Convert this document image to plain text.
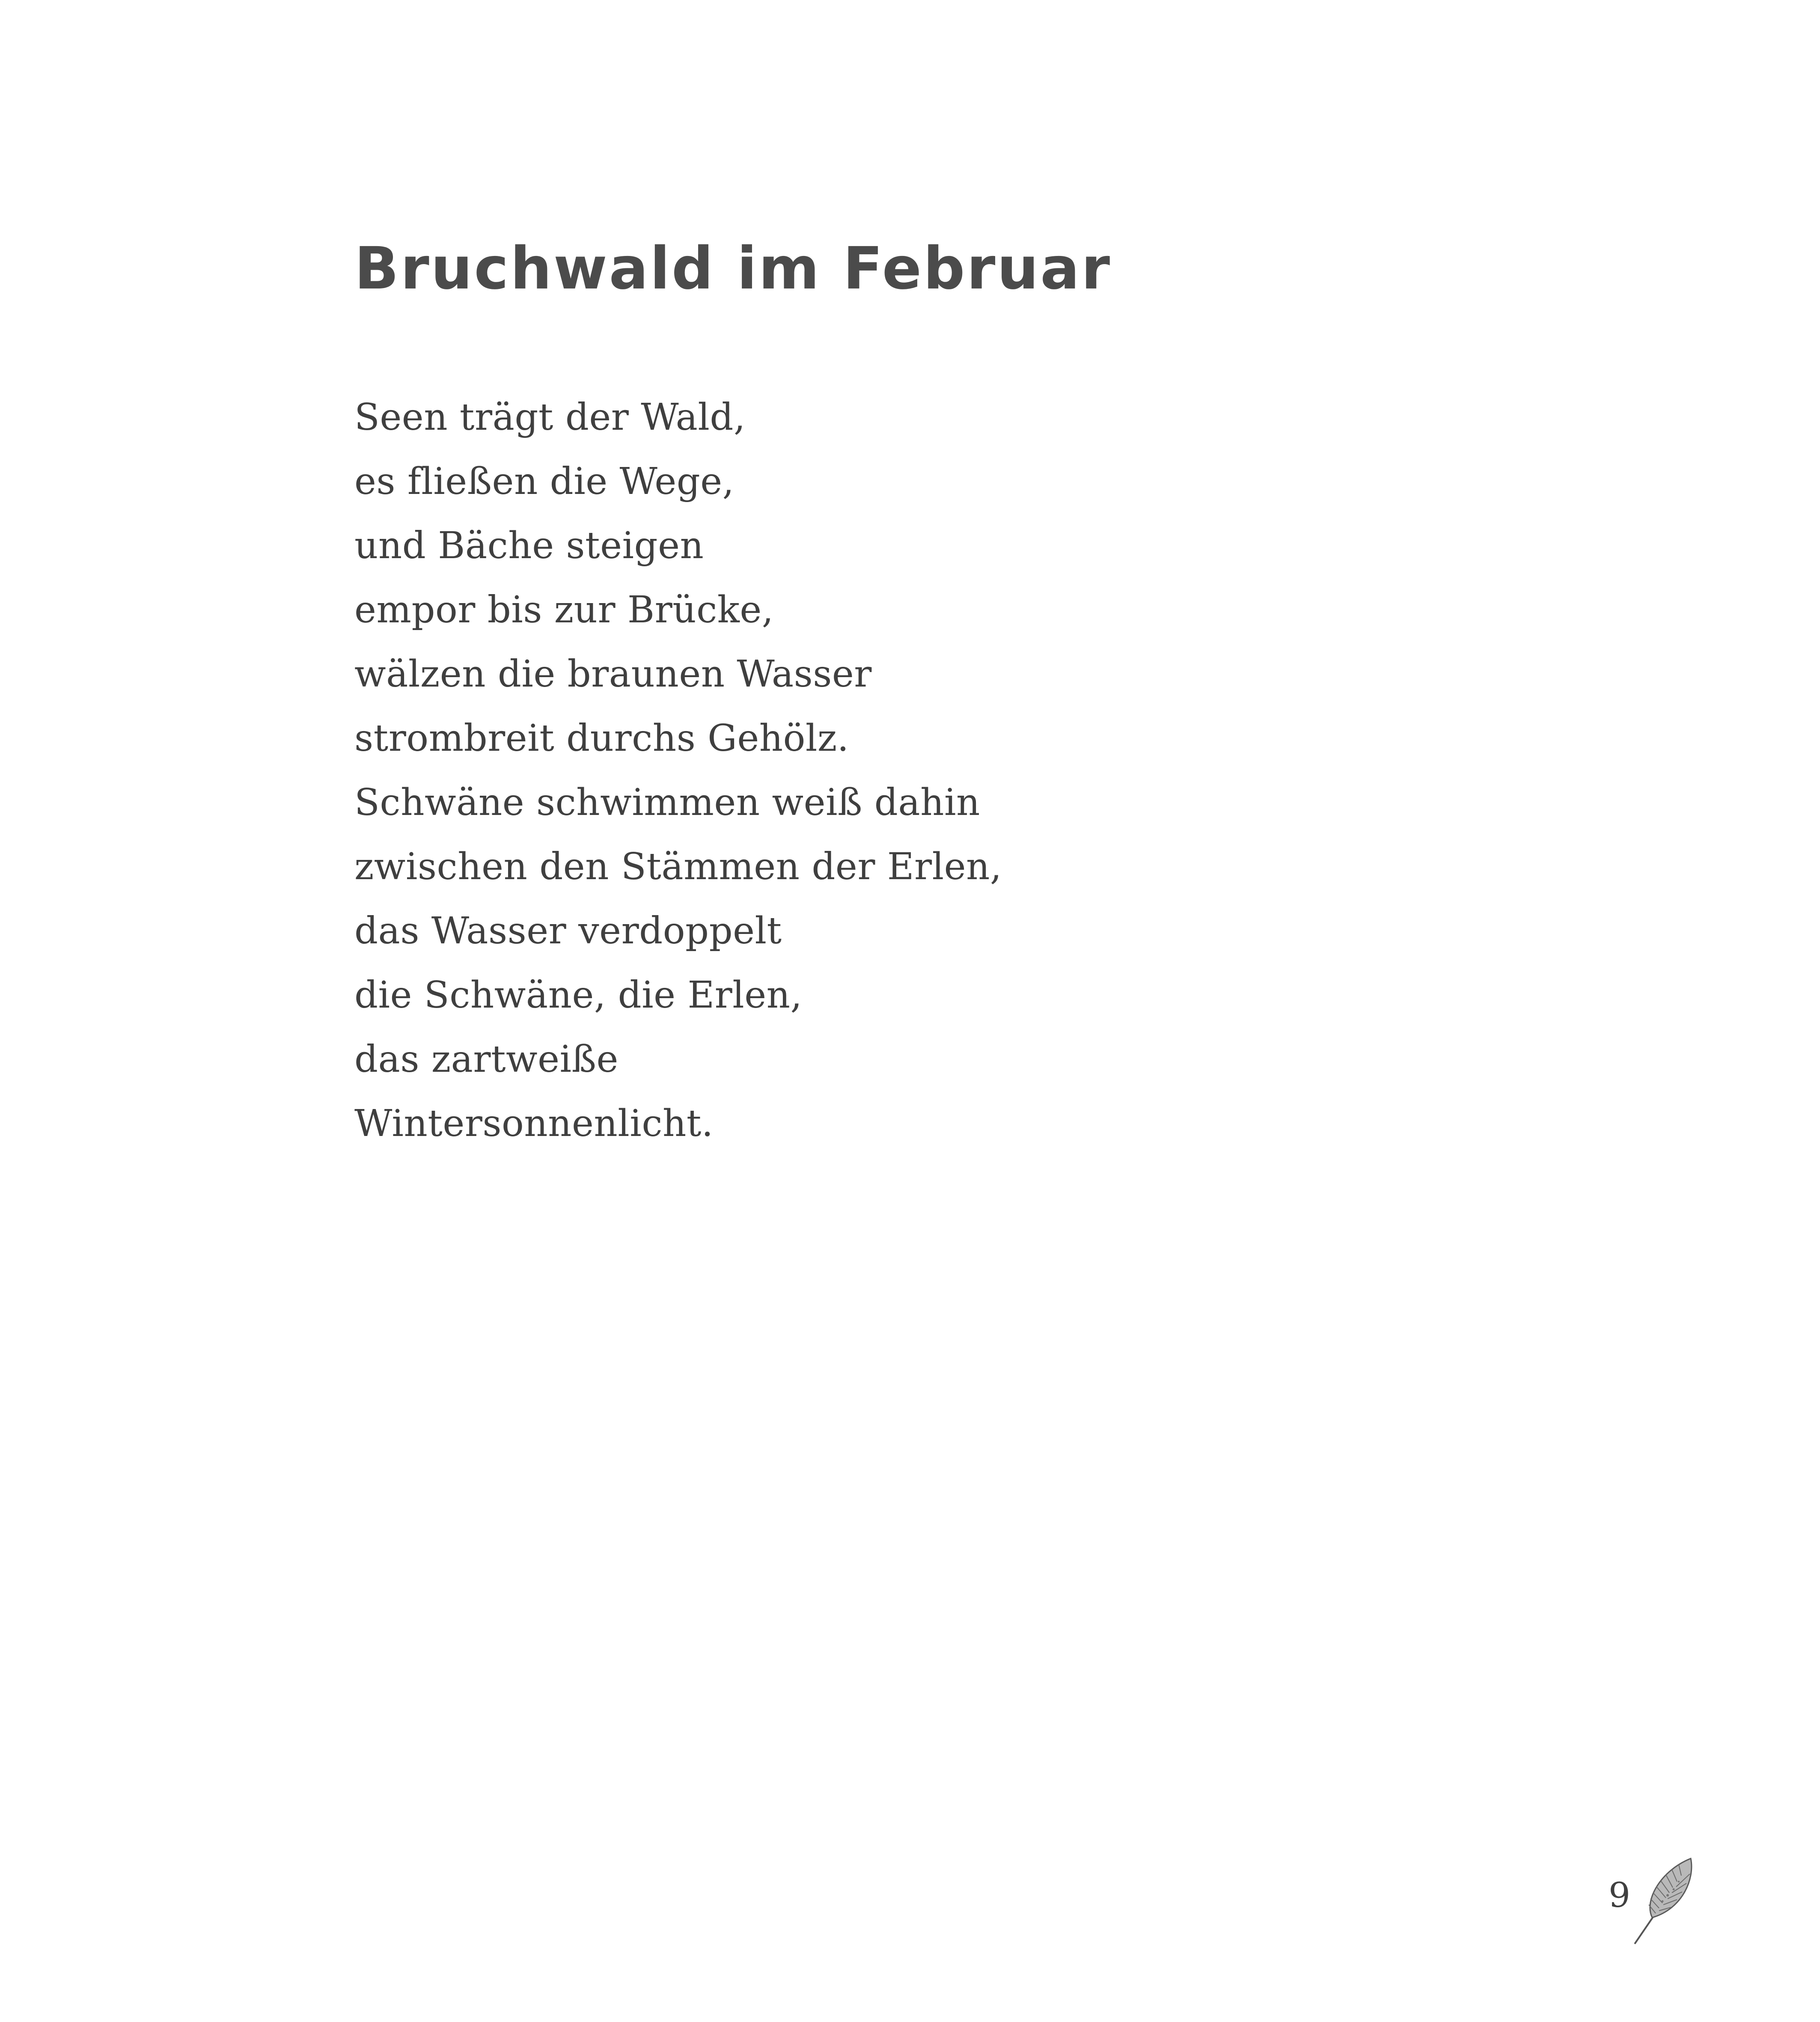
Bruchwald im Februar
Seen trägt der Wald,
es fließen die Wege,
und Bäche steigen
empor bis zur Brücke,
wälzen die braunen Wasser
strombreit durchs Gehölz.
Schwäne schwimmen weiß dahin
zwischen den Stämmen der Erlen,
das Wasser verdoppelt
die Schwäne, die Erlen,
das zartweiße
Wintersonnenlicht.
9
